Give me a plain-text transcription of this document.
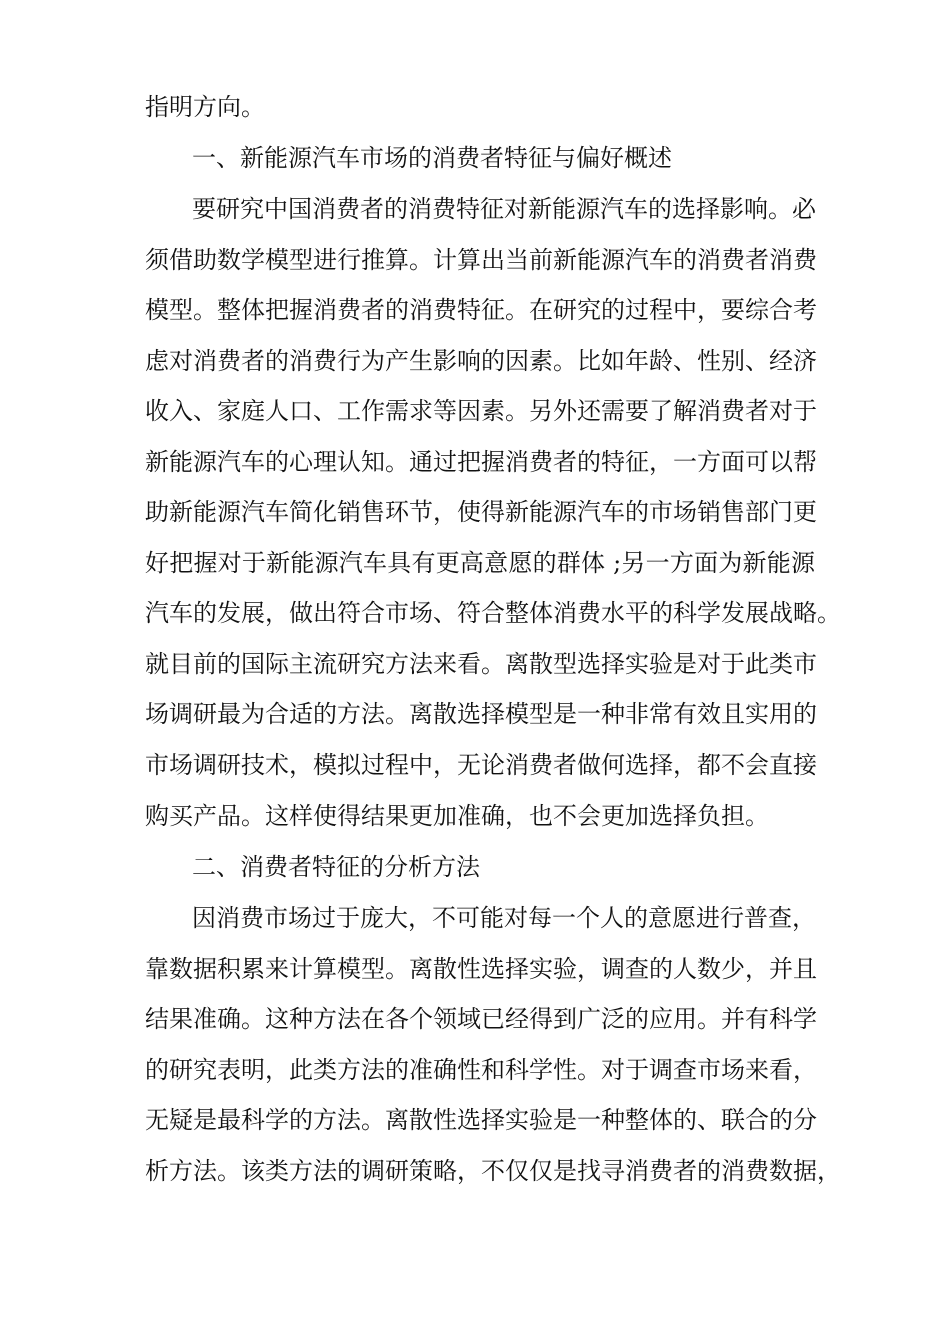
指明方向。
一、新能源汽车市场的消费者特征与偏好概述
要研究中国消费者的消费特征对新能源汽车的选择影响。必
须借助数学模型进行推算。计算出当前新能源汽车的消费者消费
模型。整体把握消费者的消费特征。在研究的过程中，要综合考
虑对消费者的消费行为产生影响的因素。比如年龄、性别、经济
收入、家庭人口、工作需求等因素。另外还需要了解消费者对于
新能源汽车的心理认知。通过把握消费者的特征，一方面可以帮
助新能源汽车简化销售环节，使得新能源汽车的市场销售部门更
好把握对于新能源汽车具有更高意愿的群体 ;另一方面为新能源
汽车的发展，做出符合市场、符合整体消费水平的科学发展战略。
就目前的国际主流研究方法来看。离散型选择实验是对于此类市
场调研最为合适的方法。离散选择模型是一种非常有效且实用的
市场调研技术，模拟过程中，无论消费者做何选择，都不会直接
购买产品。这样使得结果更加准确，也不会更加选择负担。
二、消费者特征的分析方法
因消费市场过于庞大，不可能对每一个人的意愿进行普查，
靠数据积累来计算模型。离散性选择实验，调查的人数少，并且
结果准确。这种方法在各个领域已经得到广泛的应用。并有科学
的研究表明，此类方法的准确性和科学性。对于调查市场来看，
无疑是最科学的方法。离散性选择实验是一种整体的、联合的分
析方法。该类方法的调研策略，不仅仅是找寻消费者的消费数据，
